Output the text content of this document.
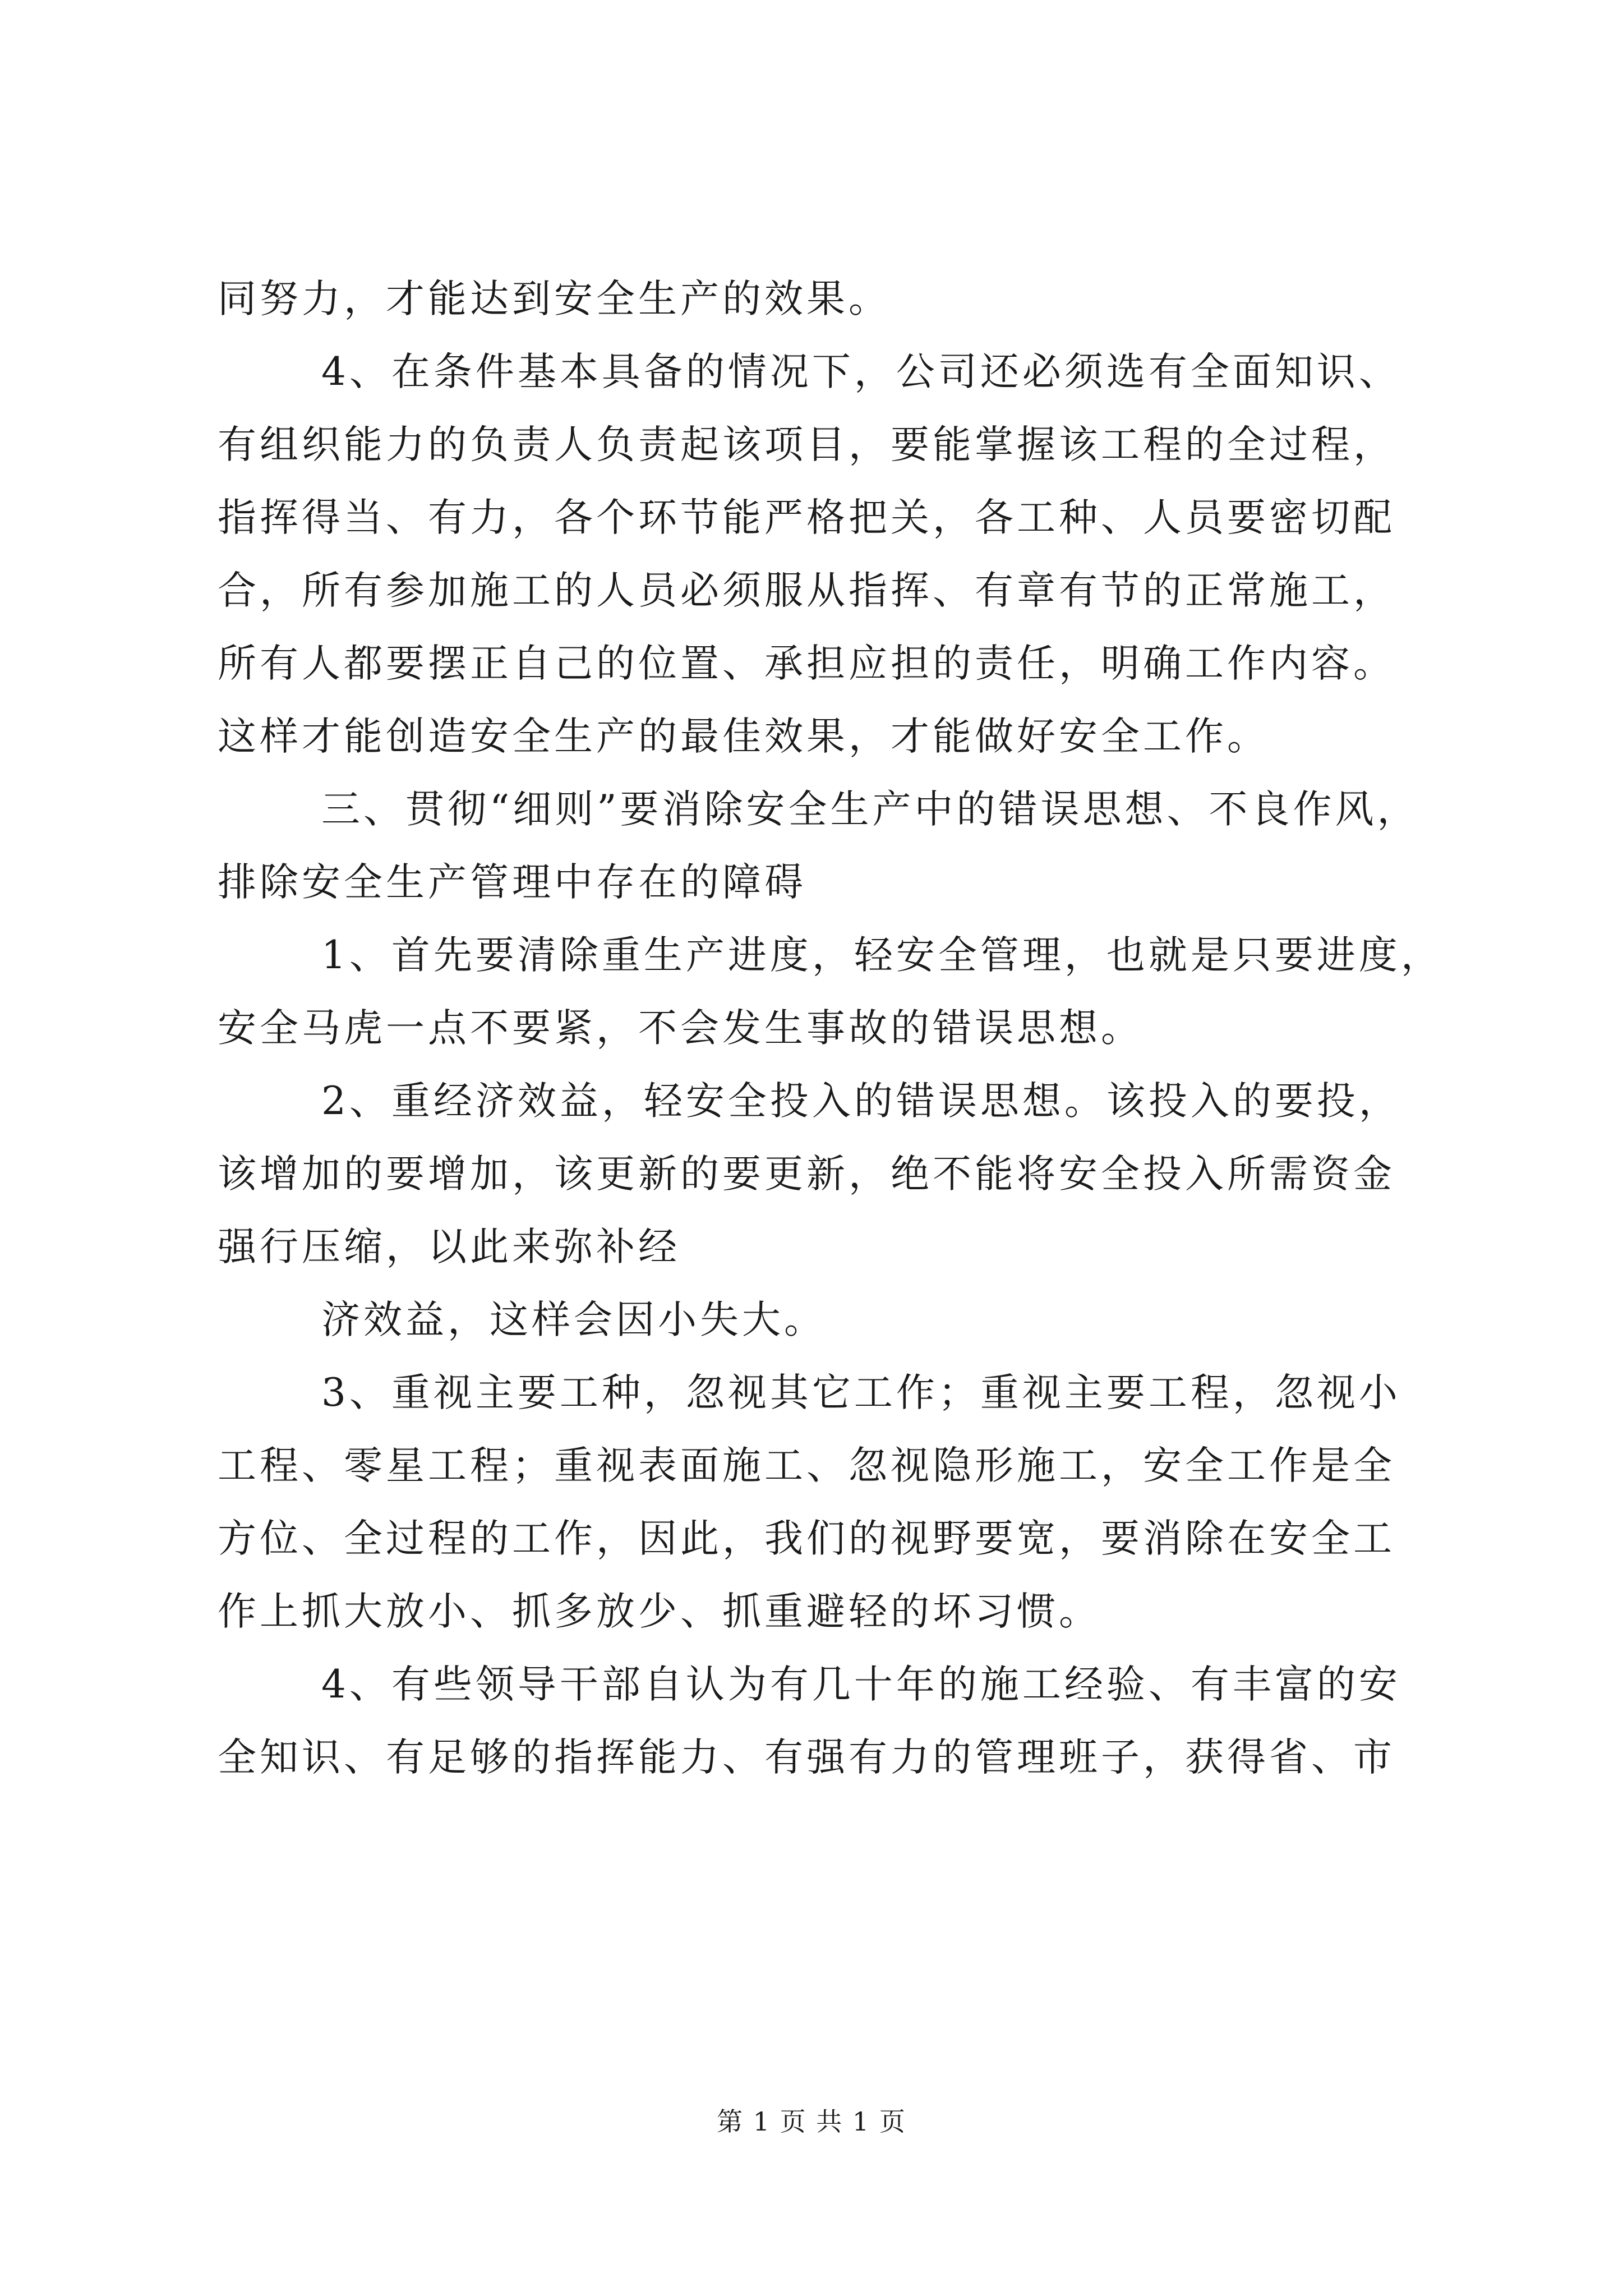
同努力，才能达到安全生产的效果。
4、在条件基本具备的情况下，公司还必须选有全面知识、
有组织能力的负责人负责起该项目，要能掌握该工程的全过程，
指挥得当、有力，各个环节能严格把关，各工种、人员要密切配
合，所有参加施工的人员必须服从指挥、有章有节的正常施工，
所有人都要摆正自己的位置、承担应担的责任，明确工作内容。
这样才能创造安全生产的最佳效果，才能做好安全工作。
三、贯彻“细则”要消除安全生产中的错误思想、不良作风，
排除安全生产管理中存在的障碍
1、首先要清除重生产进度，轻安全管理，也就是只要进度，
安全马虎一点不要紧，不会发生事故的错误思想。
2、重经济效益，轻安全投入的错误思想。该投入的要投，
该增加的要增加，该更新的要更新，绝不能将安全投入所需资金
强行压缩，以此来弥补经
济效益，这样会因小失大。
3、重视主要工种，忽视其它工作；重视主要工程，忽视小
工程、零星工程；重视表面施工、忽视隐形施工，安全工作是全
方位、全过程的工作，因此，我们的视野要宽，要消除在安全工
作上抓大放小、抓多放少、抓重避轻的坏习惯。
4、有些领导干部自认为有几十年的施工经验、有丰富的安
全知识、有足够的指挥能力、有强有力的管理班子，获得省、市
第 1 页 共 1 页
